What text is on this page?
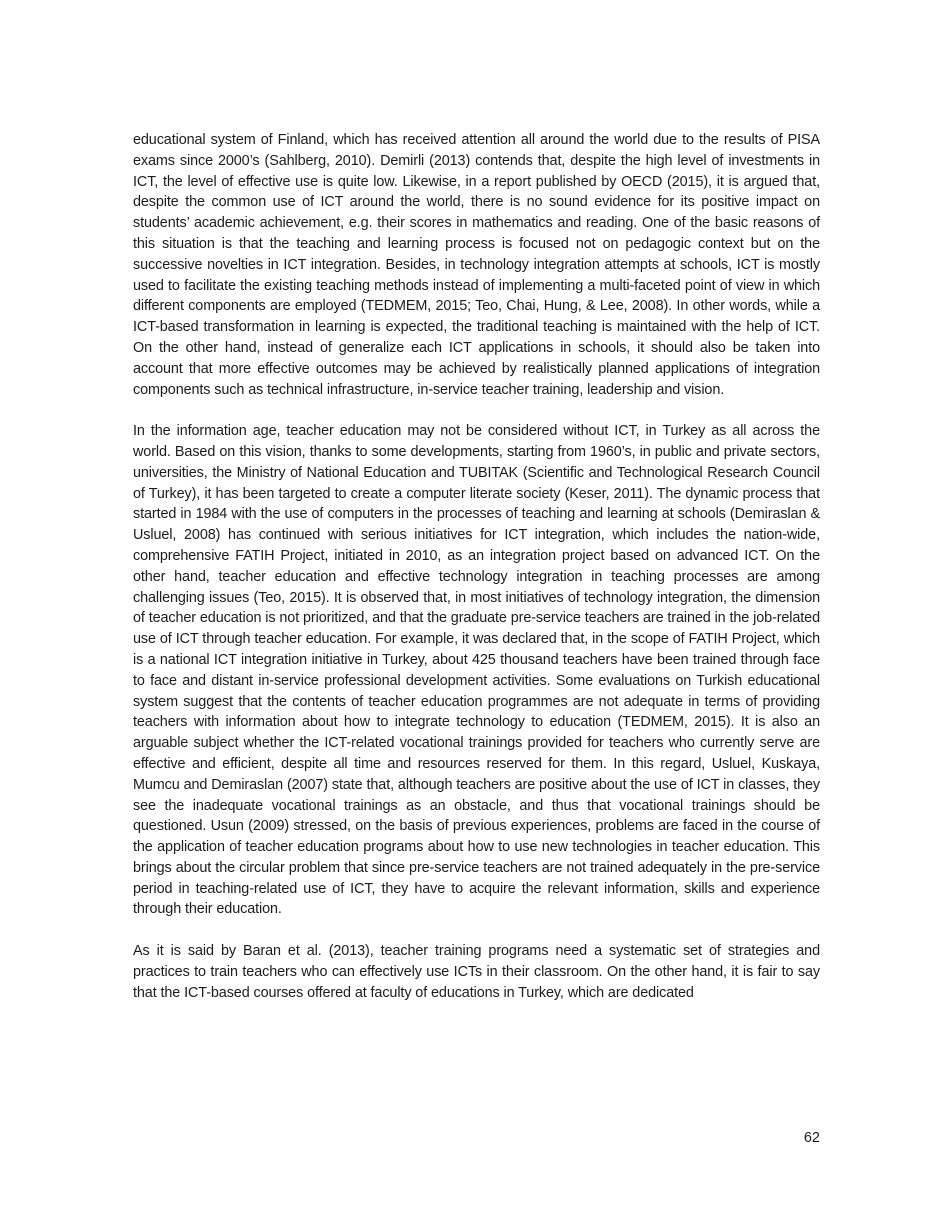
educational system of Finland, which has received attention all around the world due to the results of PISA exams since 2000’s (Sahlberg, 2010). Demirli (2013) contends that, despite the high level of investments in ICT, the level of effective use is quite low. Likewise, in a report published by OECD (2015), it is argued that, despite the common use of ICT around the world, there is no sound evidence for its positive impact on students’ academic achievement, e.g. their scores in mathematics and reading. One of the basic reasons of this situation is that the teaching and learning process is focused not on pedagogic context but on the successive novelties in ICT integration. Besides, in technology integration attempts at schools, ICT is mostly used to facilitate the existing teaching methods instead of implementing a multi-faceted point of view in which different components are employed (TEDMEM, 2015; Teo, Chai, Hung, & Lee, 2008). In other words, while a ICT-based transformation in learning is expected, the traditional teaching is maintained with the help of ICT. On the other hand, instead of generalize each ICT applications in schools, it should also be taken into account that more effective outcomes may be achieved by realistically planned applications of integration components such as technical infrastructure, in-service teacher training, leadership and vision.

In the information age, teacher education may not be considered without ICT, in Turkey as all across the world. Based on this vision, thanks to some developments, starting from 1960’s, in public and private sectors, universities, the Ministry of National Education and TUBITAK (Scientific and Technological Research Council of Turkey), it has been targeted to create a computer literate society (Keser, 2011). The dynamic process that started in 1984 with the use of computers in the processes of teaching and learning at schools (Demiraslan & Usluel, 2008) has continued with serious initiatives for ICT integration, which includes the nation-wide, comprehensive FATIH Project, initiated in 2010, as an integration project based on advanced ICT. On the other hand, teacher education and effective technology integration in teaching processes are among challenging issues (Teo, 2015). It is observed that, in most initiatives of technology integration, the dimension of teacher education is not prioritized, and that the graduate pre-service teachers are trained in the job-related use of ICT through teacher education. For example, it was declared that, in the scope of FATIH Project, which is a national ICT integration initiative in Turkey, about 425 thousand teachers have been trained through face to face and distant in-service professional development activities. Some evaluations on Turkish educational system suggest that the contents of teacher education programmes are not adequate in terms of providing teachers with information about how to integrate technology to education (TEDMEM, 2015). It is also an arguable subject whether the ICT-related vocational trainings provided for teachers who currently serve are effective and efficient, despite all time and resources reserved for them. In this regard, Usluel, Kuskaya, Mumcu and Demiraslan (2007) state that, although teachers are positive about the use of ICT in classes, they see the inadequate vocational trainings as an obstacle, and thus that vocational trainings should be questioned. Usun (2009) stressed, on the basis of previous experiences, problems are faced in the course of the application of teacher education programs about how to use new technologies in teacher education. This brings about the circular problem that since pre-service teachers are not trained adequately in the pre-service period in teaching-related use of ICT, they have to acquire the relevant information, skills and experience through their education.

As it is said by Baran et al. (2013), teacher training programs need a systematic set of strategies and practices to train teachers who can effectively use ICTs in their classroom. On the other hand, it is fair to say that the ICT-based courses offered at faculty of educations in Turkey, which are dedicated

62
